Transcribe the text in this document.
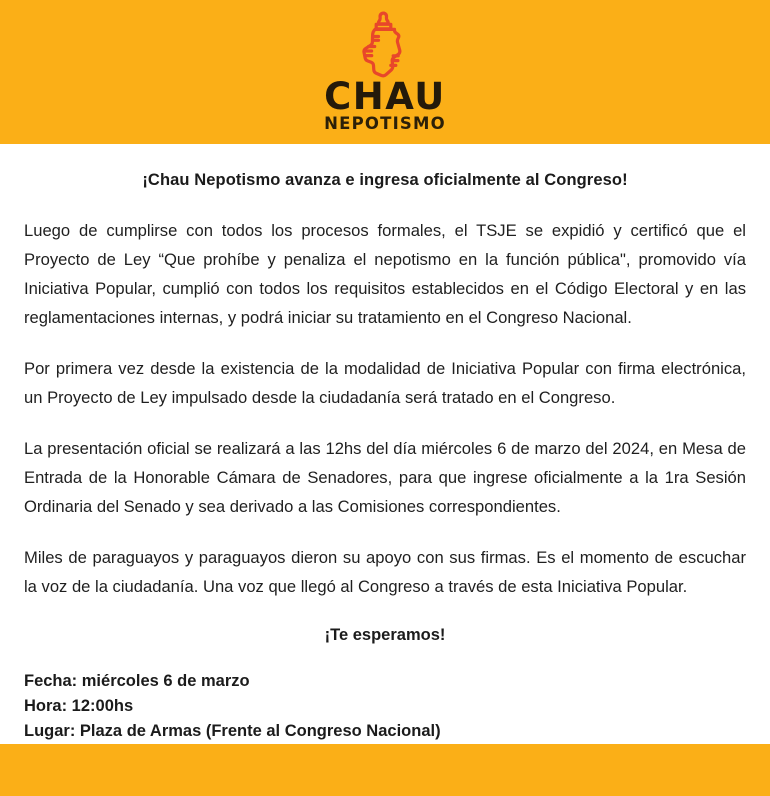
CHAU
NEPOTISMO
¡Chau Nepotismo avanza e ingresa oficialmente al Congreso!

Luego de cumplirse con todos los procesos formales, el TSJE se expidió y certificó que el Proyecto de Ley “Que prohíbe y penaliza el nepotismo en la función pública", promovido vía Iniciativa Popular, cumplió con todos los requisitos establecidos en el Código Electoral y en las reglamentaciones internas, y podrá iniciar su tratamiento en el Congreso Nacional.

Por primera vez desde la existencia de la modalidad de Iniciativa Popular con firma electrónica, un Proyecto de Ley impulsado desde la ciudadanía será tratado en el Congreso.

La presentación oficial se realizará a las 12hs del día miércoles 6 de marzo del 2024, en Mesa de Entrada de la Honorable Cámara de Senadores, para que ingrese oficialmente a la 1ra Sesión Ordinaria del Senado y sea derivado a las Comisiones correspondientes.

Miles de paraguayos y paraguayos dieron su apoyo con sus firmas. Es el momento de escuchar la voz de la ciudadanía. Una voz que llegó al Congreso a través de esta Iniciativa Popular.

¡Te esperamos!

Fecha: miércoles 6 de marzo
Hora: 12:00hs
Lugar: Plaza de Armas (Frente al Congreso Nacional)
